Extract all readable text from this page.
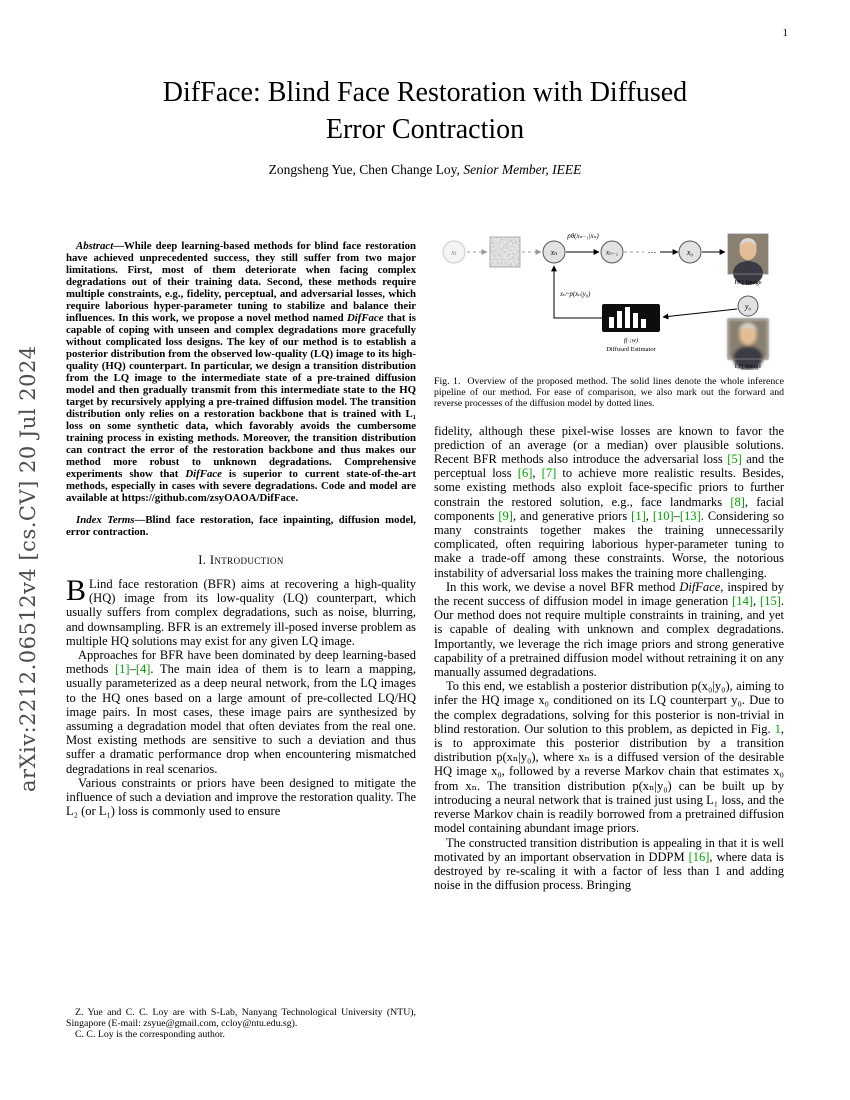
1
arXiv:2212.06512v4 [cs.CV] 20 Jul 2024
DifFace: Blind Face Restoration with Diffused
Error Contraction
Zongsheng Yue, Chen Change Loy, Senior Member, IEEE

Abstract—While deep learning-based methods for blind face restoration have achieved unprecedented success, they still suffer from two major limitations. First, most of them deteriorate when facing complex degradations out of their training data. Second, these methods require multiple constraints, e.g., fidelity, perceptual, and adversarial losses, which require laborious hyper-parameter tuning to stabilize and balance their influences. In this work, we propose a novel method named DifFace that is capable of coping with unseen and complex degradations more gracefully without complicated loss designs. The key of our method is to establish a posterior distribution from the observed low-quality (LQ) image to its high-quality (HQ) counterpart. In particular, we design a transition distribution from the LQ image to the intermediate state of a pre-trained diffusion model and then gradually transmit from this intermediate state to the HQ target by recursively applying a pre-trained diffusion model. The transition distribution only relies on a restoration backbone that is trained with L₁ loss on some synthetic data, which favorably avoids the cumbersome training process in existing methods. Moreover, the transition distribution can contract the error of the restoration backbone and thus makes our method more robust to unknown degradations. Comprehensive experiments show that DifFace is superior to current state-of-the-art methods, especially in cases with severe degradations. Code and model are available at https://github.com/zsyOAOA/DifFace.

Index Terms—Blind face restoration, face inpainting, diffusion model, error contraction.

I. Introduction

B Lind face restoration (BFR) aims at recovering a high-quality (HQ) image from its low-quality (LQ) counterpart, which usually suffers from complex degradations, such as noise, blurring, and downsampling. BFR is an extremely ill-posed inverse problem as multiple HQ solutions may exist for any given LQ image.

Approaches for BFR have been dominated by deep learning-based methods [1]–[4]. The main idea of them is to learn a mapping, usually parameterized as a deep neural network, from the LQ images to the HQ ones based on a large amount of pre-collected LQ/HQ image pairs. In most cases, these image pairs are synthesized by assuming a degradation model that often deviates from the real one. Most existing methods are sensitive to such a deviation and thus suffer a dramatic performance drop when encountering mismatched degradations in real scenarios.

Various constraints or priors have been designed to mitigate the influence of such a deviation and improve the restoration quality. The L₂ (or L₁) loss is commonly used to ensure

Z. Yue and C. C. Loy are with S-Lab, Nanyang Technological University (NTU), Singapore (E-mail: zsyue@gmail.com, ccloy@ntu.edu.sg).

C. C. Loy is the corresponding author.

xₜ	xₙ
pθ(xₙ₋₁|xₙ)
xₙ₋₁	⋯	x₀
HQ Image
f(·;w)
Diffused Estimator
xₙ~p(xₙ|y₀)
y₀
LQ Image
Fig. 1. Overview of the proposed method. The solid lines denote the whole inference pipeline of our method. For ease of comparison, we also mark out the forward and reverse processes of the diffusion model by dotted lines.

fidelity, although these pixel-wise losses are known to favor the prediction of an average (or a median) over plausible solutions. Recent BFR methods also introduce the adversarial loss [5] and the perceptual loss [6], [7] to achieve more realistic results. Besides, some existing methods also exploit face-specific priors to further constrain the restored solution, e.g., face landmarks [8], facial components [9], and generative priors [1], [10]–[13]. Considering so many constraints together makes the training unnecessarily complicated, often requiring laborious hyper-parameter tuning to make a trade-off among these constraints. Worse, the notorious instability of adversarial loss makes the training more challenging.

In this work, we devise a novel BFR method DifFace, inspired by the recent success of diffusion model in image generation [14], [15]. Our method does not require multiple constraints in training, and yet is capable of dealing with unknown and complex degradations. Importantly, we leverage the rich image priors and strong generative capability of a pretrained diffusion model without retraining it on any manually assumed degradations.

To this end, we establish a posterior distribution p(x₀|y₀), aiming to infer the HQ image x₀ conditioned on its LQ counterpart y₀. Due to the complex degradations, solving for this posterior is non-trivial in blind restoration. Our solution to this problem, as depicted in Fig. 1, is to approximate this posterior distribution by a transition distribution p(xₙ|y₀), where xₙ is a diffused version of the desirable HQ image x₀, followed by a reverse Markov chain that estimates x₀ from xₙ. The transition distribution p(xₙ|y₀) can be built up by introducing a neural network that is trained just using L₁ loss, and the reverse Markov chain is readily borrowed from a pretrained diffusion model containing abundant image priors.

The constructed transition distribution is appealing in that it is well motivated by an important observation in DDPM [16], where data is destroyed by re-scaling it with a factor of less than 1 and adding noise in the diffusion process. Bringing
